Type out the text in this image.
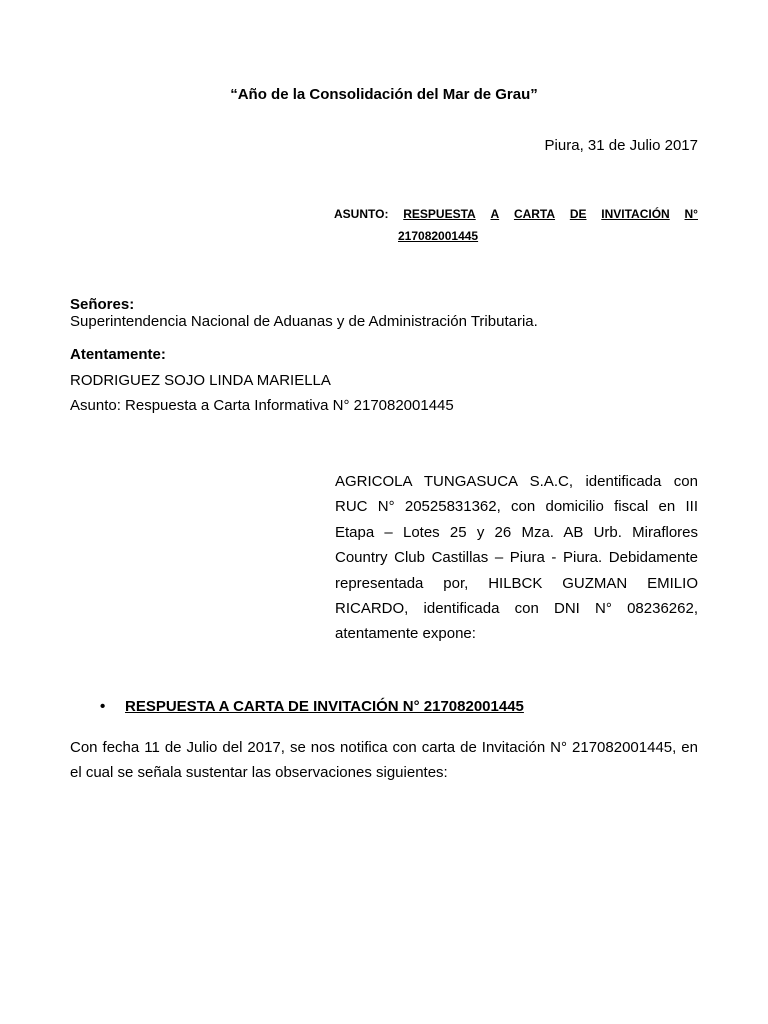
“Año de la Consolidación del Mar de Grau”
Piura, 31 de Julio 2017
ASUNTO: RESPUESTA A CARTA DE INVITACIÓN N°
217082001445
Señores:
Superintendencia Nacional de Aduanas y de Administración Tributaria.
Atentamente:
RODRIGUEZ SOJO LINDA MARIELLA
Asunto: Respuesta a Carta Informativa N° 217082001445
AGRICOLA TUNGASUCA S.A.C, identificada con RUC N° 20525831362, con domicilio fiscal en III Etapa – Lotes 25 y 26 Mza. AB Urb. Miraflores Country Club Castillas – Piura - Piura. Debidamente representada por, HILBCK GUZMAN EMILIO RICARDO, identificada con DNI N° 08236262, atentamente expone:
•	RESPUESTA A CARTA DE INVITACIÓN N° 217082001445
Con fecha 11 de Julio del 2017, se nos notifica con carta de Invitación N° 217082001445, en el cual se señala sustentar las observaciones siguientes:
